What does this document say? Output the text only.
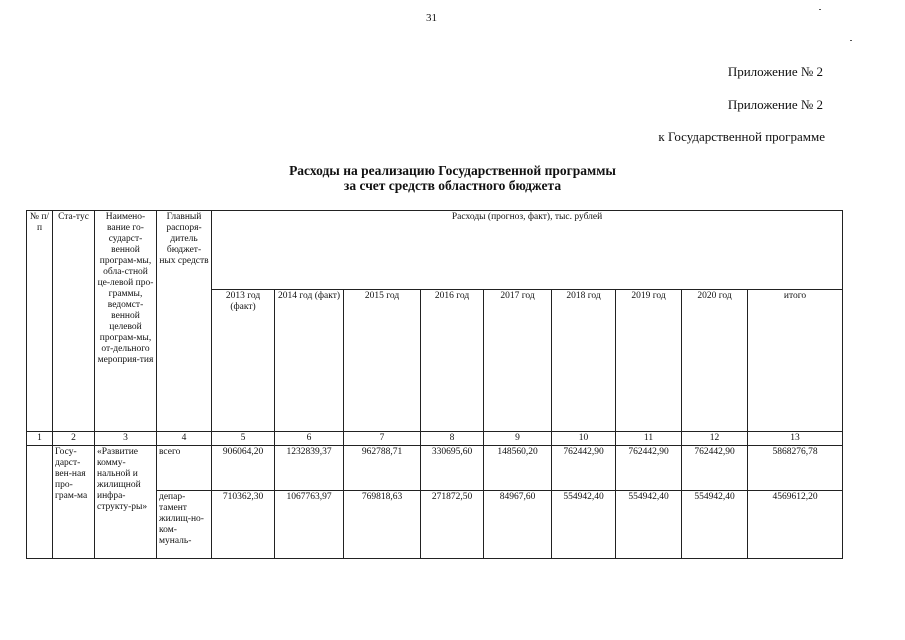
31
Приложение № 2
Приложение № 2
к Государственной программе
Расходы на реализацию Государственной программы
за счет средств областного бюджета
№ п/п	Ста-тус	Наимено-вание го-сударст-венной програм-мы, обла-стной це-левой про-граммы, ведомст-венной целевой програм-мы, от-дельного мероприя-тия	Главный распоря-дитель бюджет-ных средств	Расходы (прогноз, факт), тыс. рублей								
				2013 год (факт)	2014 год (факт)	2015 год	2016 год	2017 год	2018 год	2019 год	2020 год	итого
1	2	3	4	5	6	7	8	9	10	11	12	13
	Госу-дарст-вен-ная про-грам-ма	«Развитие комму-нальной и жилищной инфра-структу-ры»	всего	906064,20	1232839,37	962788,71	330695,60	148560,20	762442,90	762442,90	762442,90	5868276,78
			депар-тамент жилищ-но-ком-муналь-	710362,30	1067763,97	769818,63	271872,50	84967,60	554942,40	554942,40	554942,40	4569612,20
